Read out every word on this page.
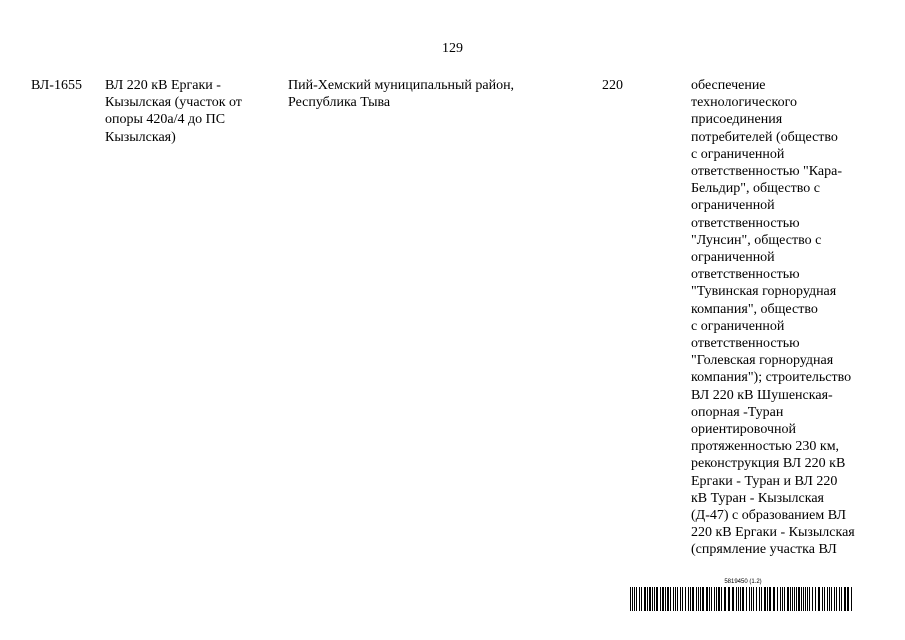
129
ВЛ-1655 ВЛ 220 кВ Ергаки -
Кызылская (участок от
опоры 420а/4 до ПС
Кызылская)
Пий-Хемский муниципальный район,
Республика Тыва
220	обеспечение
технологического
присоединения
потребителей (общество
с ограниченной
ответственностью "Кара-
Бельдир", общество с
ограниченной
ответственностью
"Лунсин", общество с
ограниченной
ответственностью
"Тувинская горнорудная
компания", общество
с ограниченной
ответственностью
"Голевская горнорудная
компания"); строительство
ВЛ 220 кВ Шушенская-
опорная -Туран
ориентировочной
протяженностью 230 км,
реконструкция ВЛ 220 кВ
Ергаки - Туран и ВЛ 220
кВ Туран - Кызылская
(Д-47) с образованием ВЛ
220 кВ Ергаки - Кызылская
(спрямление участка ВЛ
5819450 (1.2)
